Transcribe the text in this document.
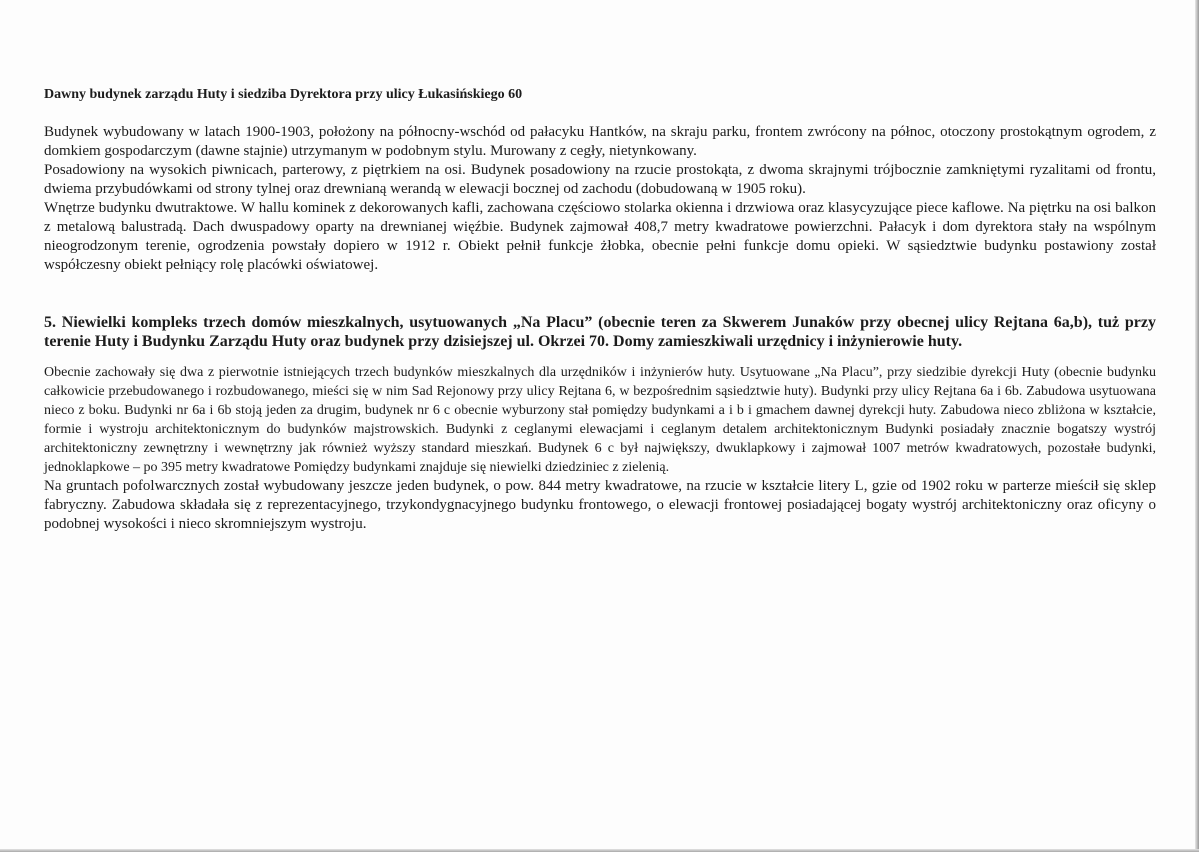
Dawny budynek zarządu Huty i siedziba Dyrektora przy ulicy Łukasińskiego 60

Budynek wybudowany w latach 1900-1903, położony na północny-wschód od pałacyku Hantków, na skraju parku, frontem zwrócony na północ, otoczony prostokątnym ogrodem, z domkiem gospodarczym (dawne stajnie) utrzymanym w podobnym stylu. Murowany z cegły, nietynkowany.

Posadowiony na wysokich piwnicach, parterowy, z piętrkiem na osi. Budynek posadowiony na rzucie prostokąta, z dwoma skrajnymi trójbocznie zamkniętymi ryzalitami od frontu, dwiema przybudówkami od strony tylnej oraz drewnianą werandą w elewacji bocznej od zachodu (dobudowaną w 1905 roku).

Wnętrze budynku dwutraktowe. W hallu kominek z dekorowanych kafli, zachowana częściowo stolarka okienna i drzwiowa oraz klasycyzujące piece kaflowe. Na piętrku na osi balkon z metalową balustradą. Dach dwuspadowy oparty na drewnianej więźbie. Budynek zajmował 408,7 metry kwadratowe powierzchni. Pałacyk i dom dyrektora stały na wspólnym nieogrodzonym terenie, ogrodzenia powstały dopiero w 1912 r. Obiekt pełnił funkcje żłobka, obecnie pełni funkcje domu opieki. W sąsiedztwie budynku postawiony został współczesny obiekt pełniący rolę placówki oświatowej.

5. Niewielki kompleks trzech domów mieszkalnych, usytuowanych „Na Placu” (obecnie teren za Skwerem Junaków przy obecnej ulicy Rejtana 6a,b), tuż przy terenie Huty i Budynku Zarządu Huty oraz budynek przy dzisiejszej ul. Okrzei 70. Domy zamieszkiwali urzędnicy i inżynierowie huty.

Obecnie zachowały się dwa z pierwotnie istniejących trzech budynków mieszkalnych dla urzędników i inżynierów huty. Usytuowane „Na Placu”, przy siedzibie dyrekcji Huty (obecnie budynku całkowicie przebudowanego i rozbudowanego, mieści się w nim Sad Rejonowy przy ulicy Rejtana 6, w bezpośrednim sąsiedztwie huty). Budynki przy ulicy Rejtana 6a i 6b. Zabudowa usytuowana nieco z boku. Budynki nr 6a i 6b stoją jeden za drugim, budynek nr 6 c obecnie wyburzony stał pomiędzy budynkami a i b i gmachem dawnej dyrekcji huty. Zabudowa nieco zbliżona w kształcie, formie i wystroju architektonicznym do budynków majstrowskich. Budynki z ceglanymi elewacjami i ceglanym detalem architektonicznym Budynki posiadały znacznie bogatszy wystrój architektoniczny zewnętrzny i wewnętrzny jak również wyższy standard mieszkań. Budynek 6 c był największy, dwuklapkowy i zajmował 1007 metrów kwadratowych, pozostałe budynki, jednoklapkowe – po 395 metry kwadratowe Pomiędzy budynkami znajduje się niewielki dziedziniec z zielenią.

Na gruntach pofolwarcznych został wybudowany jeszcze jeden budynek, o pow. 844 metry kwadratowe, na rzucie w kształcie litery L, gzie od 1902 roku w parterze mieścił się sklep fabryczny. Zabudowa składała się z reprezentacyjnego, trzykondygnacyjnego budynku frontowego, o elewacji frontowej posiadającej bogaty wystrój architektoniczny oraz oficyny o podobnej wysokości i nieco skromniejszym wystroju.
